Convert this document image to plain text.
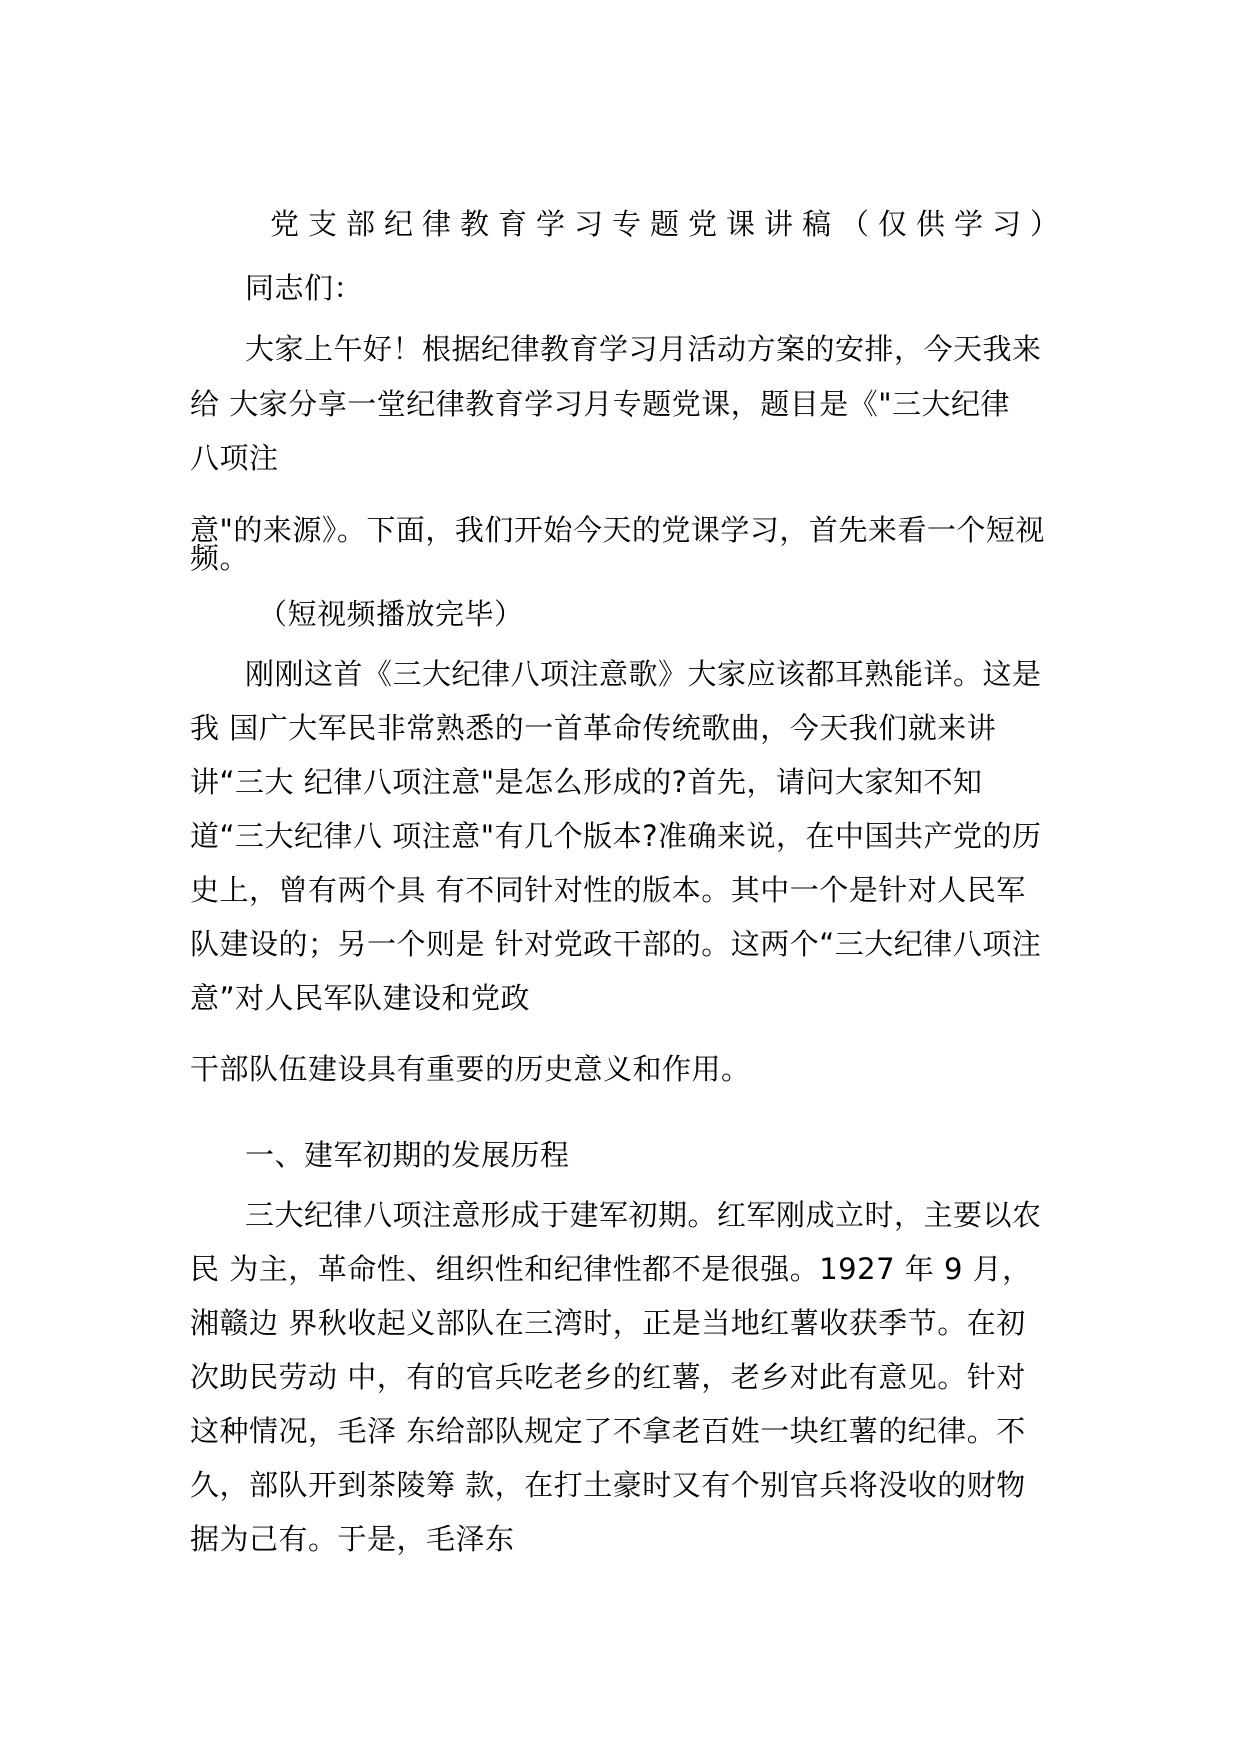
党支部纪律教育学习专题党课讲稿（仅供学习）
同志们：
大家上午好！根据纪律教育学习月活动方案的安排，今天我来
给 大家分享一堂纪律教育学习月专题党课，题目是《"三大纪律
八项注
意"的来源》。下面，我们开始今天的党课学习，首先来看一个短视
频。
（短视频播放完毕）
刚刚这首《三大纪律八项注意歌》大家应该都耳熟能详。这是
我 国广大军民非常熟悉的一首革命传统歌曲，今天我们就来讲
讲“三大 纪律八项注意"是怎么形成的?首先，请问大家知不知
道“三大纪律八 项注意"有几个版本?准确来说，在中国共产党的历
史上，曾有两个具 有不同针对性的版本。其中一个是针对人民军
队建设的；另一个则是 针对党政干部的。这两个“三大纪律八项注
意”对人民军队建设和党政
干部队伍建设具有重要的历史意义和作用。
一、建军初期的发展历程
三大纪律八项注意形成于建军初期。红军刚成立时，主要以农
民 为主，革命性、组织性和纪律性都不是很强。1927 年 9 月，
湘赣边 界秋收起义部队在三湾时，正是当地红薯收获季节。在初
次助民劳动 中，有的官兵吃老乡的红薯，老乡对此有意见。针对
这种情况，毛泽 东给部队规定了不拿老百姓一块红薯的纪律。不
久，部队开到茶陵筹 款，在打土豪时又有个别官兵将没收的财物
据为己有。于是，毛泽东
